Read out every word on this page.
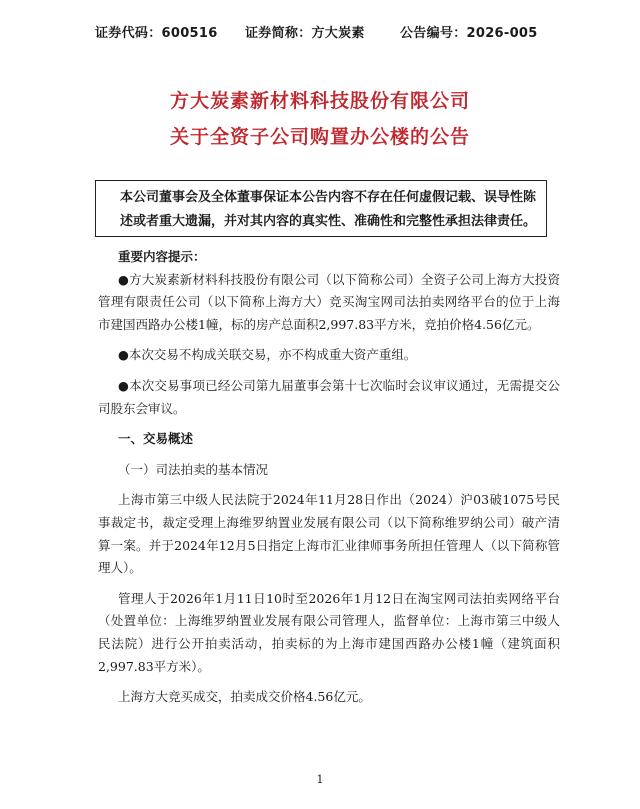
证券代码：600516 证券简称：方大炭素	公告编号：2026-005
方大炭素新材料科技股份有限公司
关于全资子公司购置办公楼的公告
本公司董事会及全体董事保证本公告内容不存在任何虚假记载、误导性陈述或者重大遗漏，并对其内容的真实性、准确性和完整性承担法律责任。

重要内容提示：

●方大炭素新材料科技股份有限公司（以下简称公司）全资子公司上海方大投资管理有限责任公司（以下简称上海方大）竞买淘宝网司法拍卖网络平台的位于上海市建国西路办公楼1幢，标的房产总面积2,997.83平方米，竞拍价格4.56亿元。

●本次交易不构成关联交易，亦不构成重大资产重组。

●本次交易事项已经公司第九届董事会第十七次临时会议审议通过，无需提交公司股东会审议。

一、交易概述

（一）司法拍卖的基本情况

上海市第三中级人民法院于2024年11月28日作出（2024）沪03破1075号民事裁定书，裁定受理上海维罗纳置业发展有限公司（以下简称维罗纳公司）破产清算一案。并于2024年12月5日指定上海市汇业律师事务所担任管理人（以下简称管理人）。

管理人于2026年1月11日10时至2026年1月12日在淘宝网司法拍卖网络平台（处置单位：上海维罗纳置业发展有限公司管理人，监督单位：上海市第三中级人民法院）进行公开拍卖活动，拍卖标的为上海市建国西路办公楼1幢（建筑面积2,997.83平方米）。

上海方大竞买成交，拍卖成交价格4.56亿元。

1
